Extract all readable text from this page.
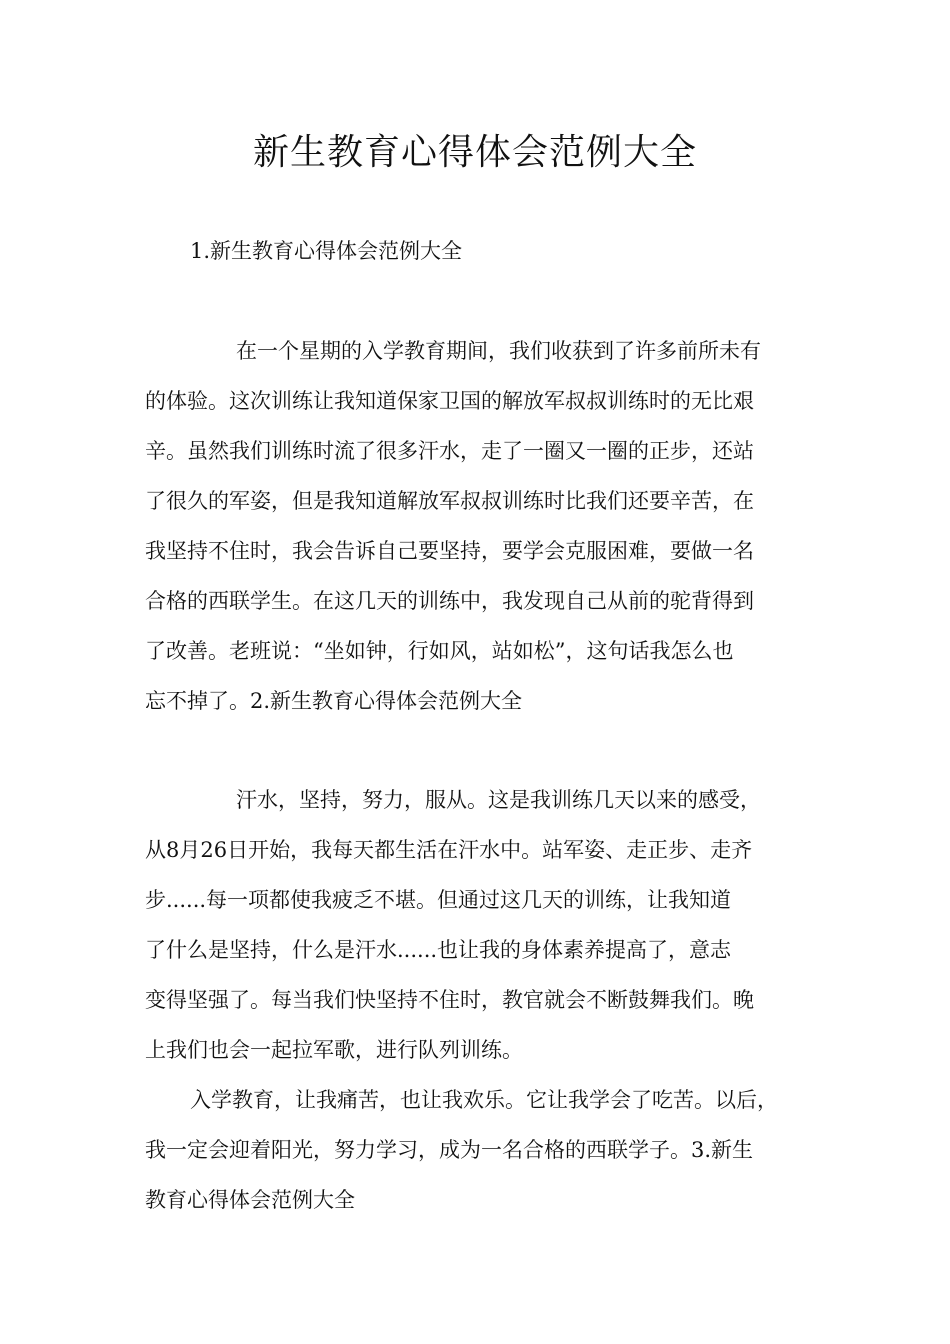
新生教育心得体会范例大全

1.新生教育心得体会范例大全

在一个星期的入学教育期间，我们收获到了许多前所未有

的体验。这次训练让我知道保家卫国的解放军叔叔训练时的无比艰

辛。虽然我们训练时流了很多汗水，走了一圈又一圈的正步，还站

了很久的军姿，但是我知道解放军叔叔训练时比我们还要辛苦，在

我坚持不住时，我会告诉自己要坚持，要学会克服困难，要做一名

合格的西联学生。在这几天的训练中，我发现自己从前的驼背得到

了改善。老班说：“坐如钟，行如风，站如松”，这句话我怎么也

忘不掉了。2.新生教育心得体会范例大全

汗水，坚持，努力，服从。这是我训练几天以来的感受，

从8月26日开始，我每天都生活在汗水中。站军姿、走正步、走齐

步......每一项都使我疲乏不堪。但通过这几天的训练，让我知道

了什么是坚持，什么是汗水......也让我的身体素养提高了，意志

变得坚强了。每当我们快坚持不住时，教官就会不断鼓舞我们。晚

上我们也会一起拉军歌，进行队列训练。

入学教育，让我痛苦，也让我欢乐。它让我学会了吃苦。以后，

我一定会迎着阳光，努力学习，成为一名合格的西联学子。3.新生

教育心得体会范例大全
